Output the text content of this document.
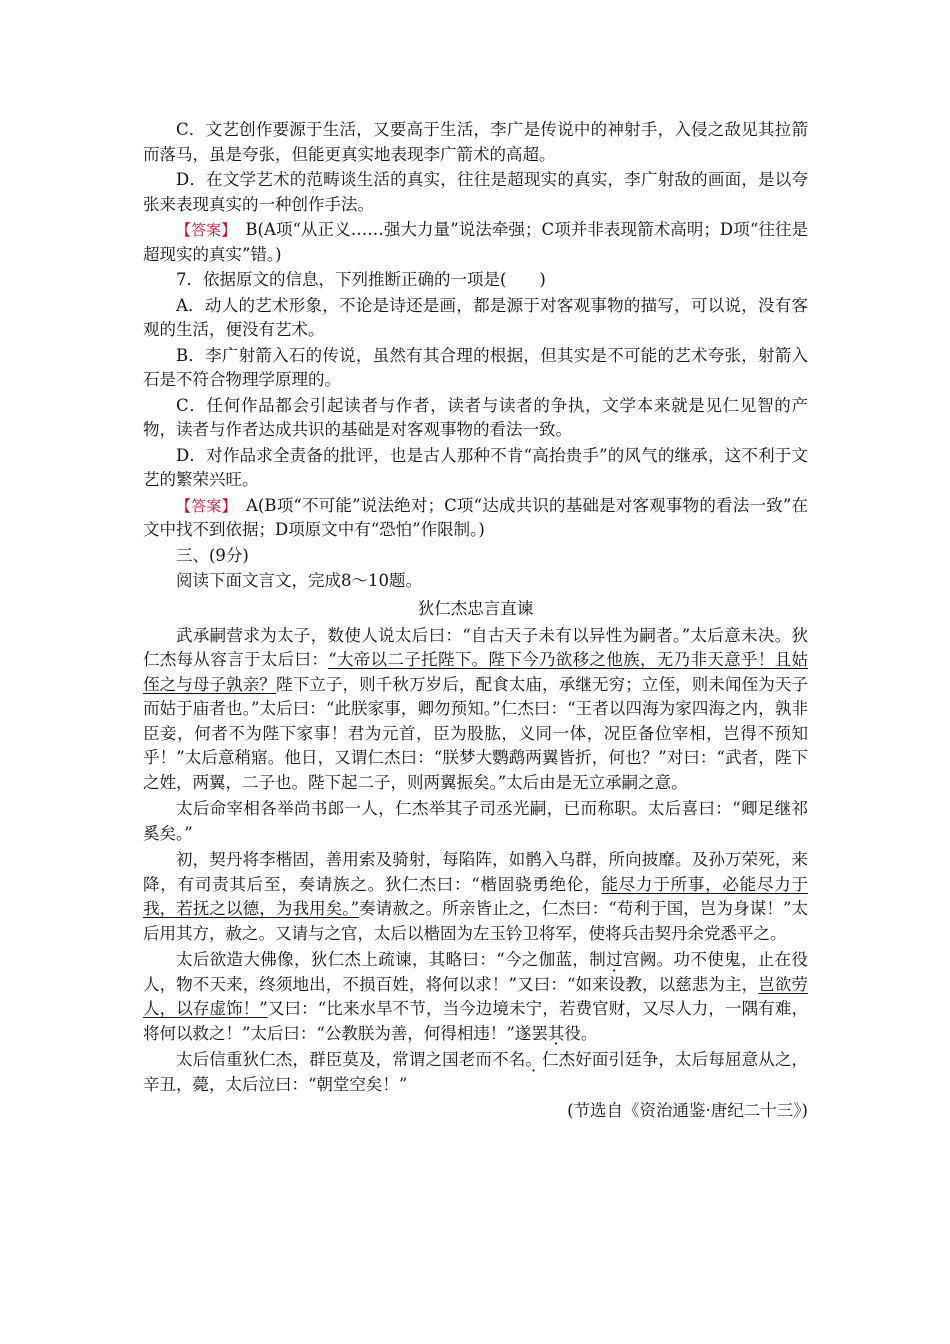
C．文艺创作要源于生活，又要高于生活，李广是传说中的神射手，入侵之敌见其拉箭而落马，虽是夸张，但能更真实地表现李广箭术的高超。

D．在文学艺术的范畴谈生活的真实，往往是超现实的真实，李广射敌的画面，是以夸张来表现真实的一种创作手法。

【答案】　B(A项“从正义……强大力量”说法牵强；C项并非表现箭术高明；D项“往往是超现实的真实”错。)

7．依据原文的信息，下列推断正确的一项是(　　)

A．动人的艺术形象，不论是诗还是画，都是源于对客观事物的描写，可以说，没有客观的生活，便没有艺术。

B．李广射箭入石的传说，虽然有其合理的根据，但其实是不可能的艺术夸张，射箭入石是不符合物理学原理的。

C．任何作品都会引起读者与作者，读者与读者的争执，文学本来就是见仁见智的产物，读者与作者达成共识的基础是对客观事物的看法一致。

D．对作品求全责备的批评，也是古人那种不肯“高抬贵手”的风气的继承，这不利于文艺的繁荣兴旺。

【答案】　A(B项“不可能”说法绝对；C项“达成共识的基础是对客观事物的看法一致”在文中找不到依据；D项原文中有“恐怕”作限制。)

三、(9分)

阅读下面文言文，完成8～10题。

狄仁杰忠言直谏

武承嗣营求为太子，数使人说太后曰：“自古天子未有以异性为嗣者。”太后意未决。狄仁杰每从容言于太后曰：“大帝以二子托陛下。陛下今乃欲移之他族，无乃非天意乎！且姑侄之与母子孰亲？陛下立子，则千秋万岁后，配食太庙，承继无穷；立侄，则未闻侄为天子而姑于庙者也。”太后曰：“此朕家事，卿勿预知。”仁杰曰：“王者以四海为家四海之内，孰非臣妾，何者不为陛下家事！君为元首，臣为股肱，义同一体，况臣备位宰相，岂得不预知乎！”太后意稍寤。他日，又谓仁杰曰：“朕梦大鹦鹉两翼皆折，何也？”对曰：“武者，陛下之姓，两翼，二子也。陛下起二子，则两翼振矣。”太后由是无立承嗣之意。

太后命宰相各举尚书郎一人，仁杰举其子司丞光嗣，已而称职。太后喜曰：“卿足继祁奚矣。”

初，契丹将李楷固，善用索及骑射，每陷阵，如鹘入乌群，所向披靡。及孙万荣死，来降，有司责其后至，奏请族之。狄仁杰曰：“楷固骁勇绝伦，能尽力于所事，必能尽力于我，若抚之以德，为我用矣。”奏请赦之。所亲皆止之，仁杰曰：“苟利于国，岂为身谋！”太后用其方，赦之。又请与之官，太后以楷固为左玉钤卫将军，使将兵击契丹余党悉平之。

太后欲造大佛像，狄仁杰上疏谏，其略曰：“今之伽蓝，制过宫阙。功不使鬼，止在役人，物不天来，终须地出，不损百姓，将何以求！”又曰：“如来设教，以慈悲为主，岂欲劳人，以存虚饰！”又曰：“比来水旱不节，当今边境未宁，若费官财，又尽人力，一隅有难，将何以救之！”太后曰：“公教朕为善，何得相违！”遂罢其役。

太后信重狄仁杰，群臣莫及，常谓之国老而不名。仁杰好面引廷争，太后每屈意从之，辛丑，薨，太后泣曰：“朝堂空矣！”

(节选自《资治通鉴·唐纪二十三》)
